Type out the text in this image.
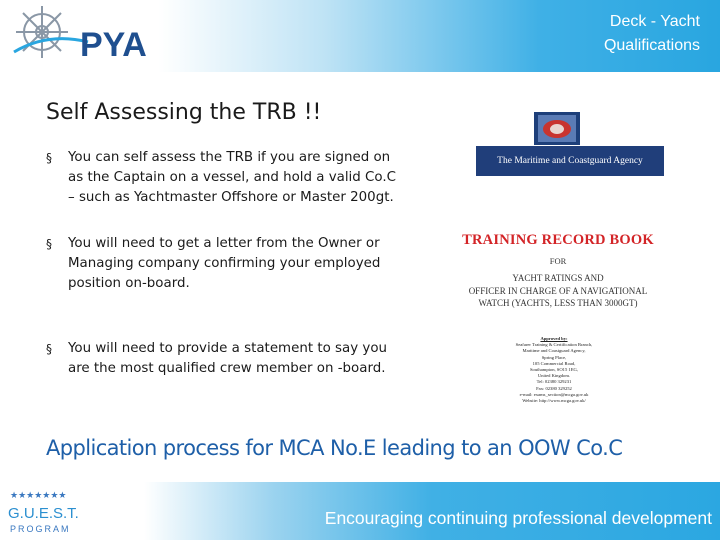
PYA
Deck - Yacht
Qualifications
Self Assessing the TRB !!
§ You can self assess the TRB if you are signed on as the Captain on a vessel, and hold a valid Co.C – such as Yachtmaster Offshore or Master 200gt.
§ You will need to get a letter from the Owner or Managing company confirming your employed position on-board.
§ You will need to provide a statement to say you are the most qualified crew member on -board.
The Maritime and Coastguard Agency
TRAINING RECORD BOOK
FOR
YACHT RATINGS AND
OFFICER IN CHARGE OF A NAVIGATIONAL
WATCH (YACHTS, LESS THAN 3000GT)
Approved by:
Seafarer Training & Certification Branch,
Maritime and Coastguard Agency,
Spring Place,
105 Commercial Road,
Southampton, SO15 1EG,
United Kingdom.
Tel: 02380 329231
Fax: 02380 329252
e-mail: exams_section@mcga.gov.uk
Website: http://www.mcga.gov.uk/
Application process for MCA No.E leading to an OOW Co.C
★★★★★★★
G.U.E.S.T.
PROGRAM
Encouraging continuing professional development
